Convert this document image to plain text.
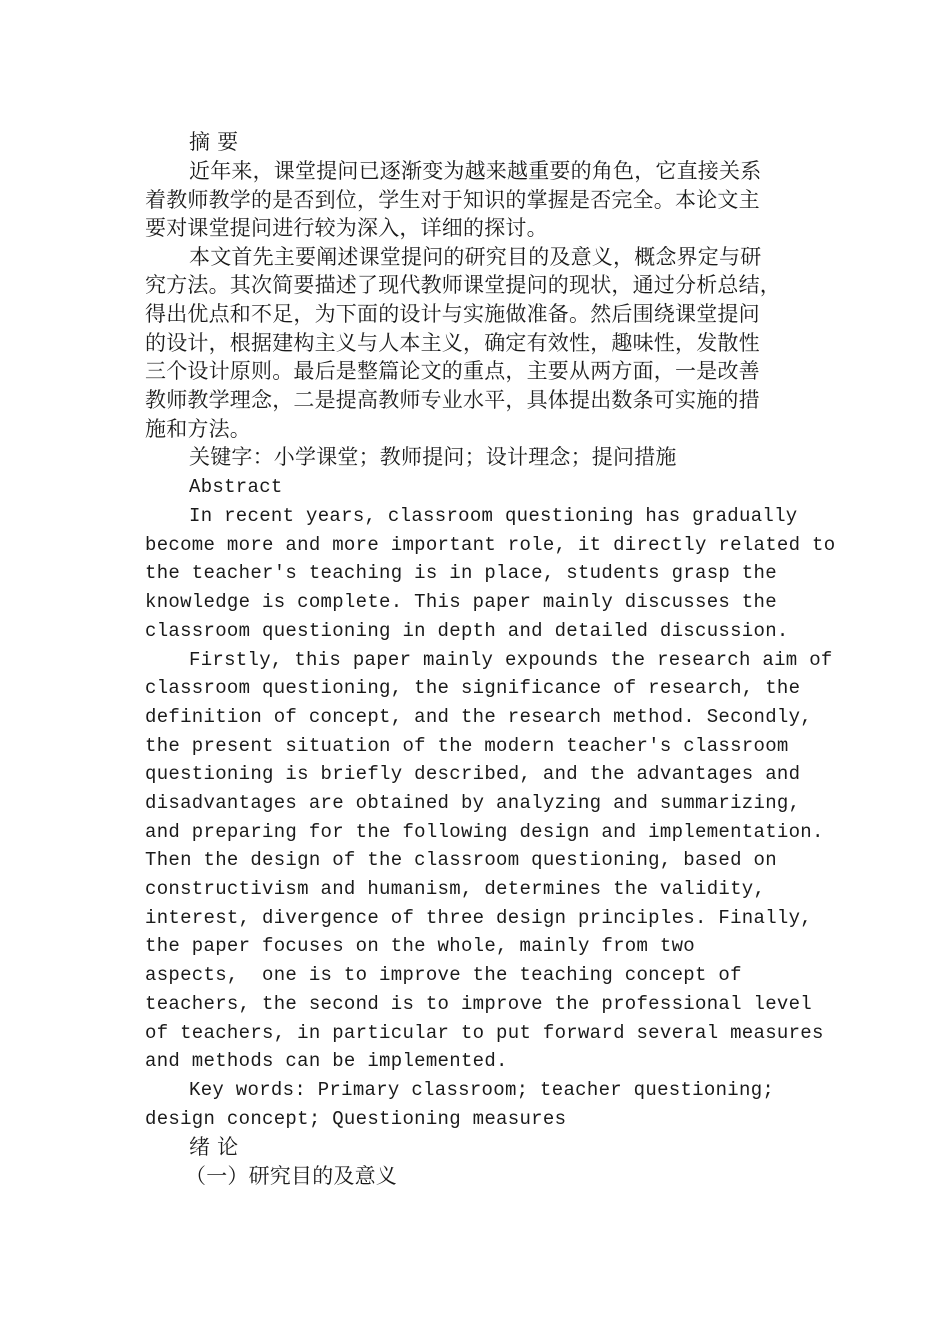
摘 要
近年来，课堂提问已逐渐变为越来越重要的角色，它直接关系
着教师教学的是否到位，学生对于知识的掌握是否完全。本论文主
要对课堂提问进行较为深入，详细的探讨。
本文首先主要阐述课堂提问的研究目的及意义，概念界定与研
究方法。其次简要描述了现代教师课堂提问的现状，通过分析总结，
得出优点和不足，为下面的设计与实施做准备。然后围绕课堂提问
的设计，根据建构主义与人本主义，确定有效性，趣味性，发散性
三个设计原则。最后是整篇论文的重点，主要从两方面，一是改善
教师教学理念，二是提高教师专业水平，具体提出数条可实施的措
施和方法。
关键字：小学课堂；教师提问；设计理念；提问措施
Abstract
In recent years, classroom questioning has gradually
become more and more important role, it directly related to
the teacher's teaching is in place, students grasp the
knowledge is complete. This paper mainly discusses the
classroom questioning in depth and detailed discussion.
Firstly, this paper mainly expounds the research aim of
classroom questioning, the significance of research, the
definition of concept, and the research method. Secondly,
the present situation of the modern teacher's classroom
questioning is briefly described, and the advantages and
disadvantages are obtained by analyzing and summarizing,
and preparing for the following design and implementation.
Then the design of the classroom questioning, based on
constructivism and humanism, determines the validity,
interest, divergence of three design principles. Finally,
the paper focuses on the whole, mainly from two
aspects,  one is to improve the teaching concept of
teachers, the second is to improve the professional level
of teachers, in particular to put forward several measures
and methods can be implemented.
Key words: Primary classroom; teacher questioning;
design concept; Questioning measures
绪 论
（一）研究目的及意义
